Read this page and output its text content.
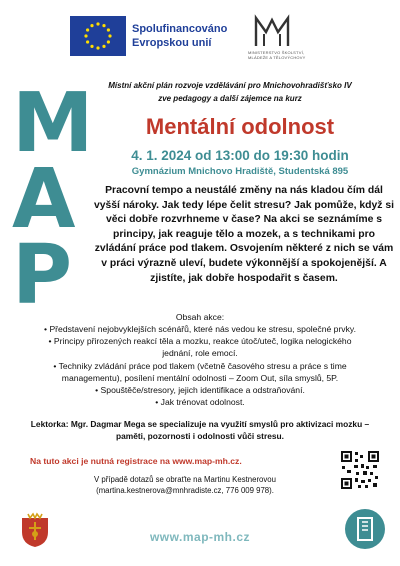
Spolufinancováno
Evropskou unií
MINISTERSTVO ŠKOLSTVÍ,
MLÁDEŽE A TĚLOVÝCHOVY
M
A
P
Místní akční plán rozvoje vzdělávání pro Mnichovohradišťsko IV
zve pedagogy a další zájemce na kurz
Mentální odolnost
4. 1. 2024 od 13:00 do 19:30 hodin
Gymnázium Mnichovo Hradiště, Studentská 895
Pracovní tempo a neustálé změny na nás kladou čím dál vyšší nároky. Jak tedy lépe čelit stresu? Jak pomůže, když si věci dobře rozvrhneme v čase? Na akci se seznámíme s principy, jak reaguje tělo a mozek, a s technikami pro zvládání práce pod tlakem. Osvojením některé z nich se vám v práci výrazně uleví, budete výkonnější a spokojenější. A zjistíte, jak dobře hospodařit s časem.
Obsah akce:
• Představení nejobvyklejších scénářů, které nás vedou ke stresu, společné prvky.
• Principy přirozených reakcí těla a mozku, reakce útoč/uteč, logika nelogického jednání, role emocí.
• Techniky zvládání práce pod tlakem (včetně časového stresu a práce s time managementu), posílení mentální odolnosti – Zoom Out, síla smyslů, 5P.
• Spouštěče/stresory, jejich identifikace a odstraňování.
• Jak trénovat odolnost.
Lektorka: Mgr. Dagmar Mega se specializuje na využití smyslů pro aktivizaci mozku – paměti, pozornosti i odolnosti vůči stresu.
Na tuto akci je nutná registrace na www.map-mh.cz.
V případě dotazů se obraťte na Martinu Kestnerovou
(martina.kestnerova@mnhradiste.cz, 776 009 978).
www.map-mh.cz
